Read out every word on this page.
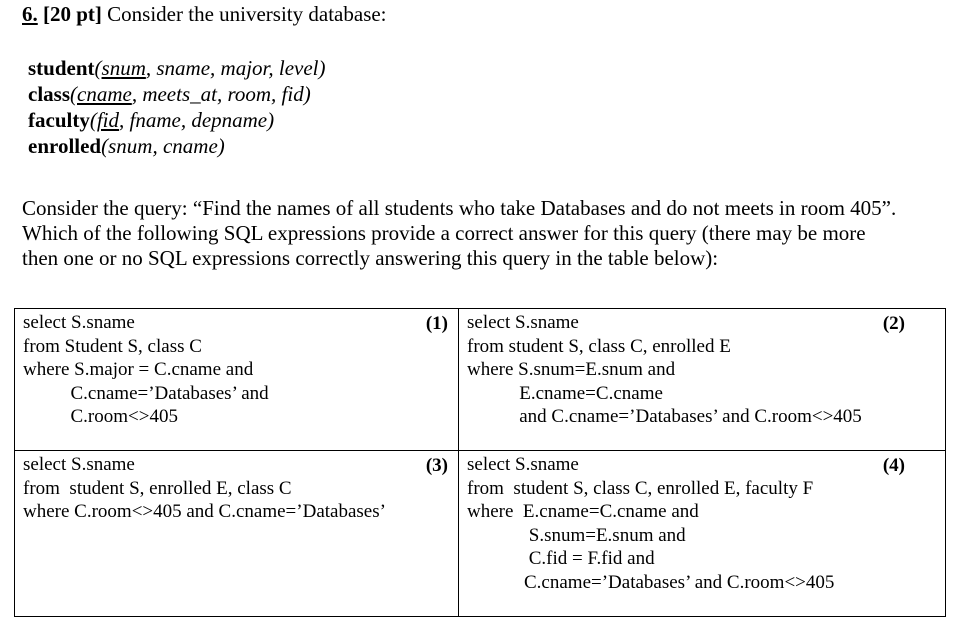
6. [20 pt] Consider the university database:
student(snum, sname, major, level)
class(cname, meets_at, room, fid)
faculty(fid, fname, depname)
enrolled(snum, cname)
Consider the query: “Find the names of all students who take Databases and do not meets in room 405”. Which of the following SQL expressions provide a correct answer for this query (there may be more then one or no SQL expressions correctly answering this query in the table below):
select S.sname
from Student S, class C
where S.major = C.cname and
C.cname=’Databases’ and
C.room<>405
(1) select S.sname
from student S, class C, enrolled E
where S.snum=E.snum and
E.cname=C.cname
and C.cname=’Databases’ and C.room<>405
(2)
select S.sname
from  student S, enrolled E, class C
where C.room<>405 and C.cname=’Databases’
(3) select S.sname
from  student S, class C, enrolled E, faculty F
where  E.cname=C.cname and
S.snum=E.snum and
C.fid = F.fid and
C.cname=’Databases’ and C.room<>405
(4)
